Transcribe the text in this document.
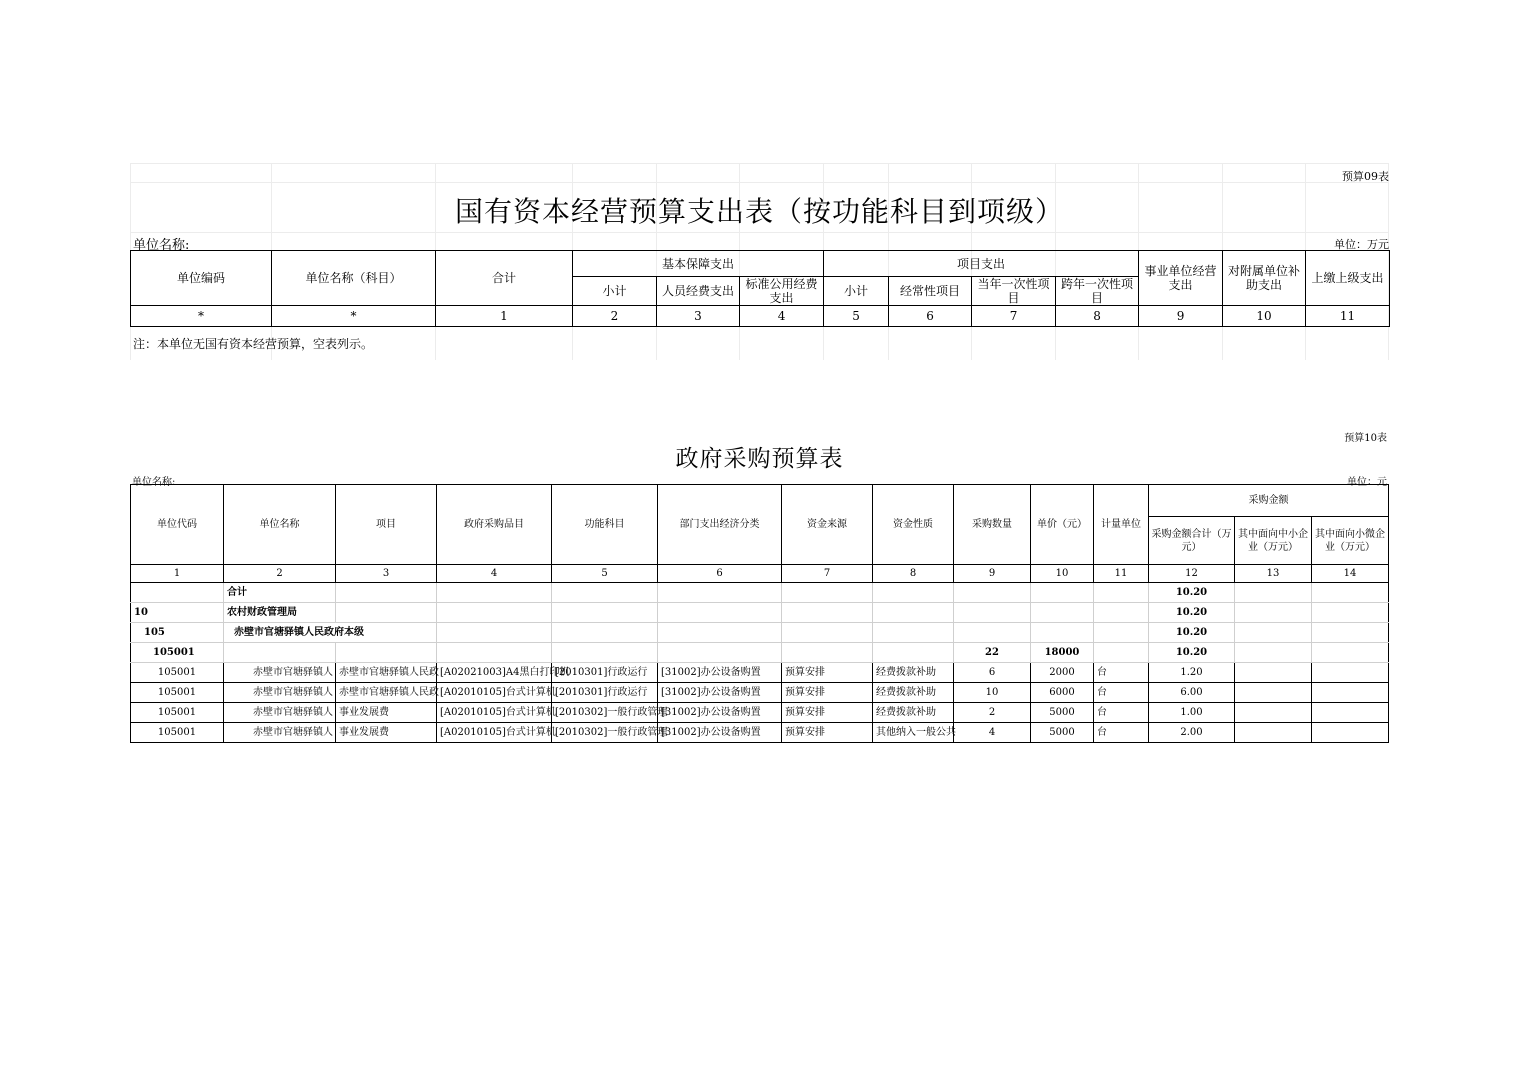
预算09表
国有资本经营预算支出表（按功能科目到项级）
单位名称:	单位：万元
单位编码	单位名称（科目）	合计	基本保障支出			项目支出				事业单位经营支出	对附属单位补助支出	上缴上级支出
			小计	人员经费支出	标准公用经费支出	小计	经常性项目	当年一次性项目	跨年一次性项目			
*	*	1	2	3	4	5	6	7	8	9	10	11
注：本单位无国有资本经营预算，空表列示。
预算10表
政府采购预算表
单位名称:	单位：元
单位代码	单位名称	项目	政府采购品目	功能科目	部门支出经济分类	资金来源	资金性质	采购数量	单价（元）	计量单位	采购金额		
											采购金额合计（万元）	其中面向中小企业（万元）	其中面向小微企业（万元）
1	2	3	4	5	6	7	8	9	10	11	12	13	14
	合计										10.20		
10	农村财政管理局										10.20		
105	赤壁市官塘驿镇人民政府本级										10.20		
105001								22	18000		10.20		
105001	赤壁市官塘驿镇人	赤壁市官塘驿镇人民政	[A02021003]A4黑白打印机	[2010301]行政运行	[31002]办公设备购置	预算安排	经费拨款补助	6	2000	台	1.20		
105001	赤壁市官塘驿镇人	赤壁市官塘驿镇人民政	[A02010105]台式计算机	[2010301]行政运行	[31002]办公设备购置	预算安排	经费拨款补助	10	6000	台	6.00		
105001	赤壁市官塘驿镇人	事业发展费	[A02010105]台式计算机	[2010302]一般行政管理	[31002]办公设备购置	预算安排	经费拨款补助	2	5000	台	1.00		
105001	赤壁市官塘驿镇人	事业发展费	[A02010105]台式计算机	[2010302]一般行政管理	[31002]办公设备购置	预算安排	其他纳入一般公共	4	5000	台	2.00		
